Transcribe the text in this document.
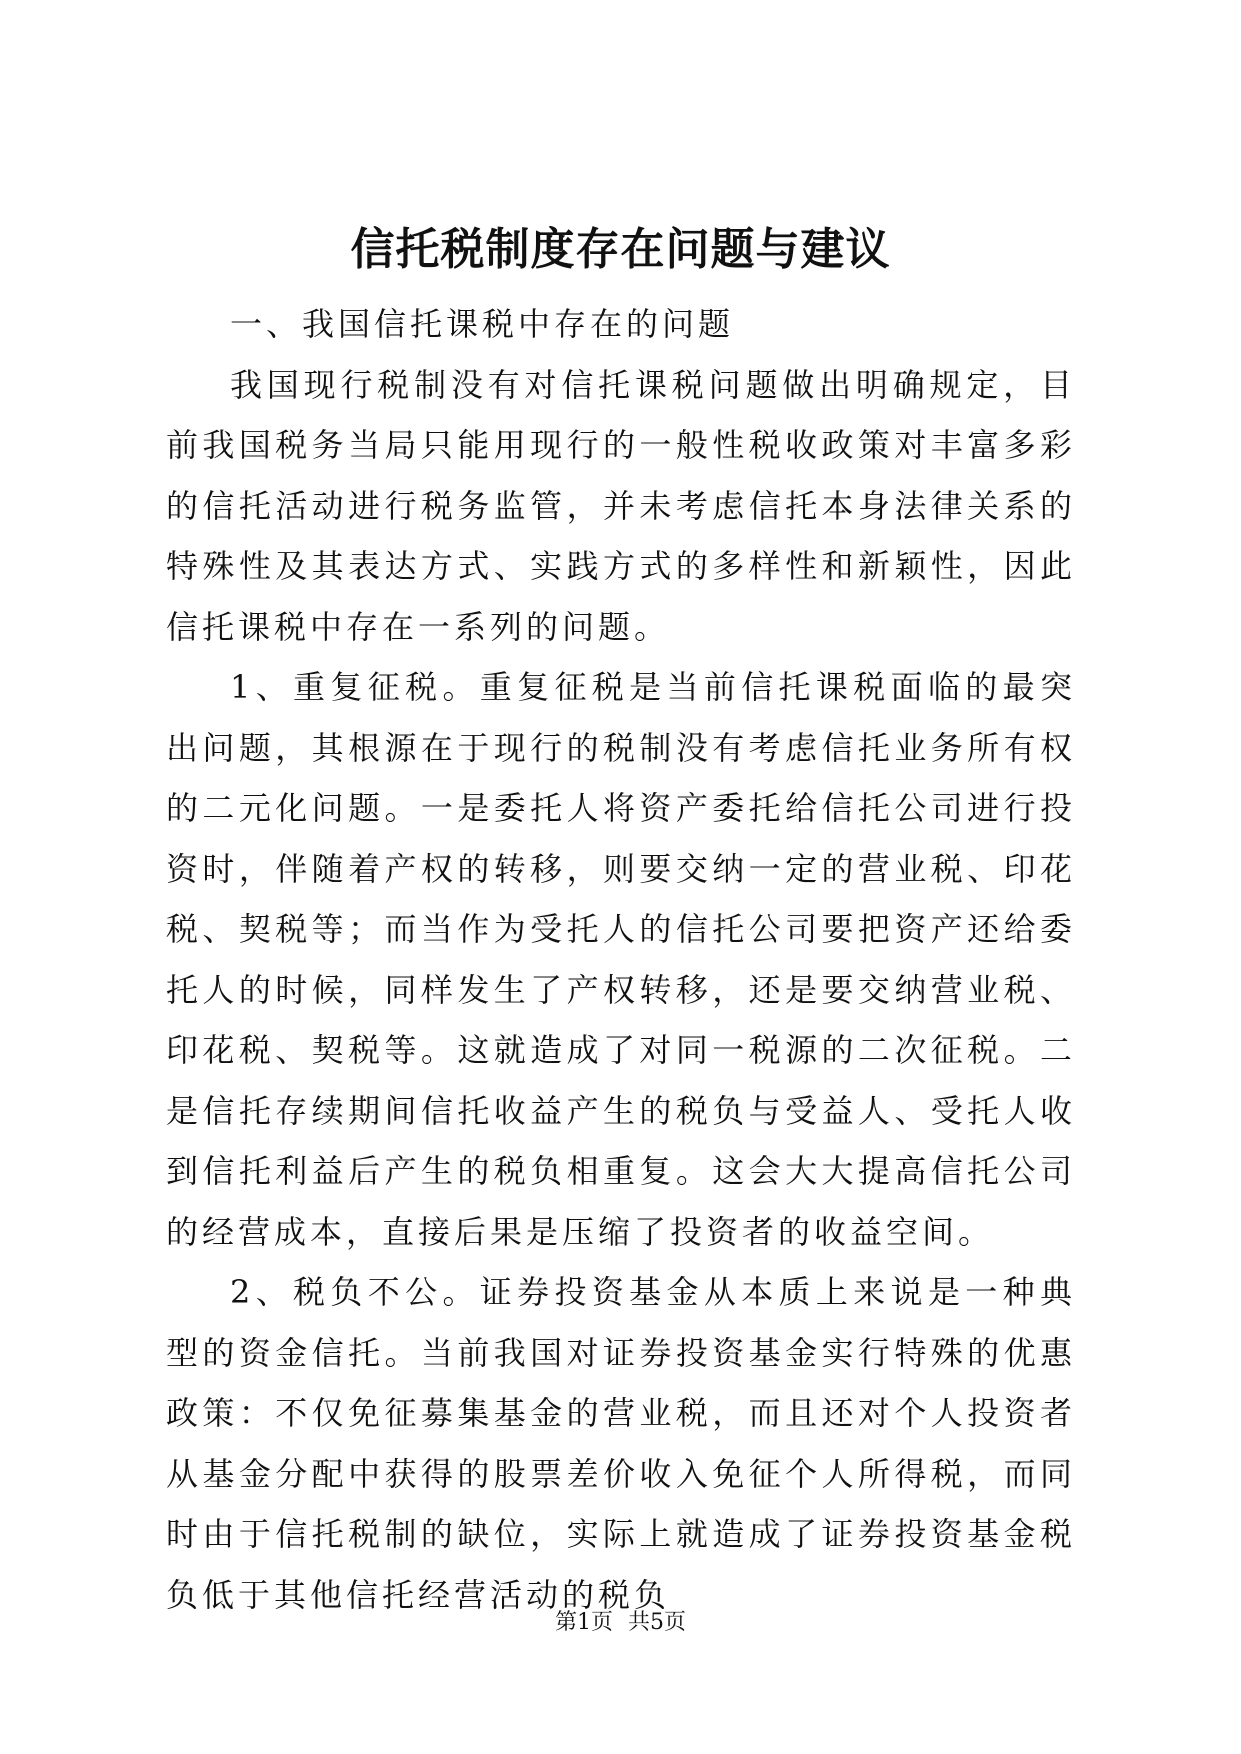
信托税制度存在问题与建议

一、我国信托课税中存在的问题

我国现行税制没有对信托课税问题做出明确规定，目前我国税务当局只能用现行的一般性税收政策对丰富多彩的信托活动进行税务监管，并未考虑信托本身法律关系的特殊性及其表达方式、实践方式的多样性和新颖性，因此信托课税中存在一系列的问题。

1、重复征税。重复征税是当前信托课税面临的最突出问题，其根源在于现行的税制没有考虑信托业务所有权的二元化问题。一是委托人将资产委托给信托公司进行投资时，伴随着产权的转移，则要交纳一定的营业税、印花税、契税等；而当作为受托人的信托公司要把资产还给委托人的时候，同样发生了产权转移，还是要交纳营业税、印花税、契税等。这就造成了对同一税源的二次征税。二是信托存续期间信托收益产生的税负与受益人、受托人收到信托利益后产生的税负相重复。这会大大提高信托公司的经营成本，直接后果是压缩了投资者的收益空间。

2、税负不公。证券投资基金从本质上来说是一种典型的资金信托。当前我国对证券投资基金实行特殊的优惠政策：不仅免征募集基金的营业税，而且还对个人投资者从基金分配中获得的股票差价收入免征个人所得税，而同时由于信托税制的缺位，实际上就造成了证券投资基金税负低于其他信托经营活动的税负

第1页 共5页
